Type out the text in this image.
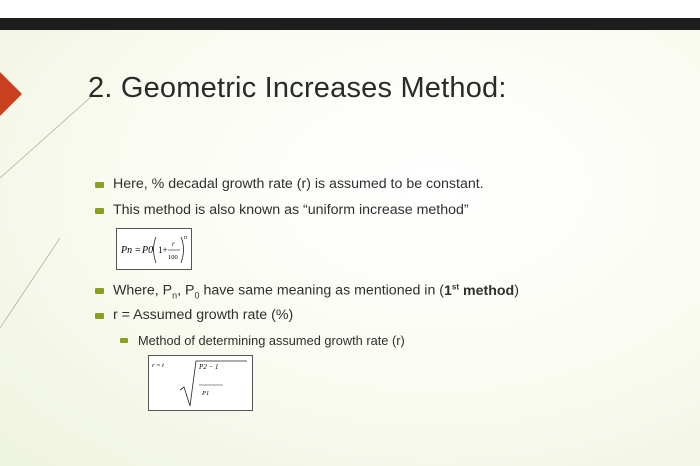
2. Geometric Increases Method:
Here, % decadal growth rate (r) is assumed to be constant.
This method is also known as “uniform increase method”
Pn = P0 1+
r
100
n
Where, $P_n$, $P_0$ have same meaning as mentioned in (1st method)
r = Assumed growth rate (%)
Method of determining assumed growth rate (r)
r = t	P2 − 1
P1
